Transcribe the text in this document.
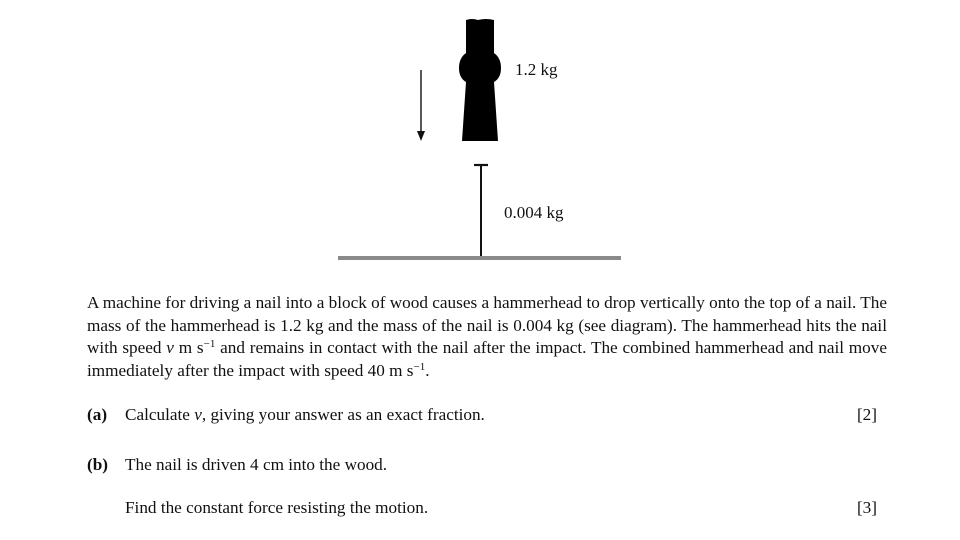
1.2 kg
0.004 kg

A machine for driving a nail into a block of wood causes a hammerhead to drop vertically onto the top of a nail. The mass of the hammerhead is 1.2 kg and the mass of the nail is 0.004 kg (see diagram). The hammerhead hits the nail with speed v m $s^{-1}$ and remains in contact with the nail after the impact. The combined hammerhead and nail move immediately after the impact with speed 40 m $s^{-1}$.

(a) Calculate v, giving your answer as an exact fraction.	[2]
(b) The nail is driven 4 cm into the wood.
Find the constant force resisting the motion.	[3]
